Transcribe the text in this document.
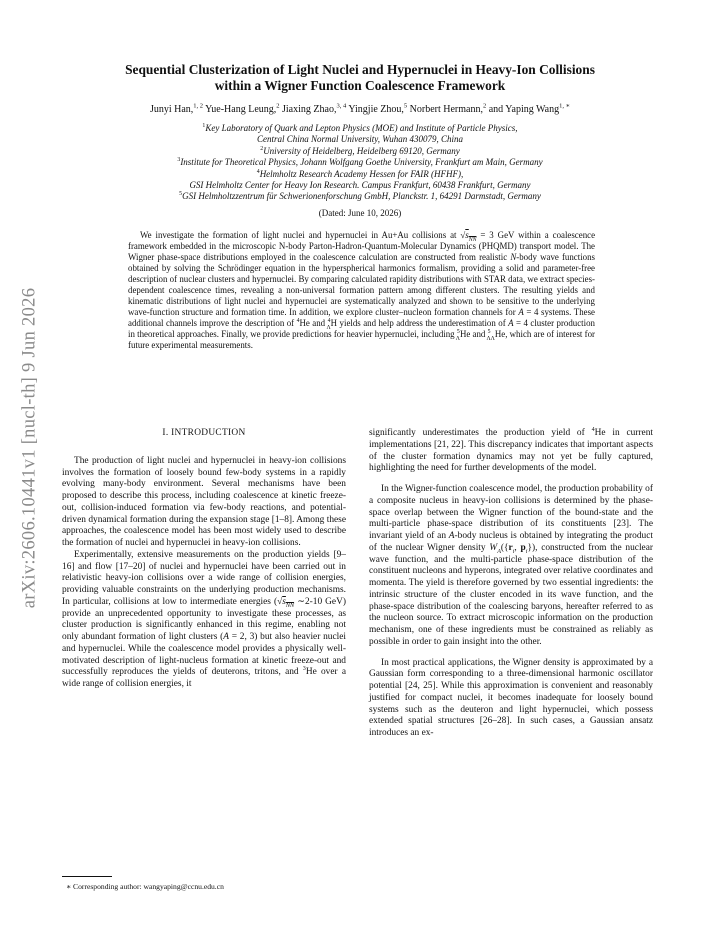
arXiv:2606.10441v1 [nucl-th] 9 Jun 2026
Sequential Clusterization of Light Nuclei and Hypernuclei in Heavy-Ion Collisions
within a Wigner Function Coalescence Framework
Junyi Han,$^{1, 2}$ Yue-Hang Leung,$^2$ Jiaxing Zhao,$^{3, 4}$ Yingjie Zhou,$^5$ Norbert Hermann,$^2$ and Yaping Wang$^{1, ∗}$
$^1$Key Laboratory of Quark and Lepton Physics (MOE) and Institute of Particle Physics,
Central China Normal University, Wuhan 430079, China
$^2$University of Heidelberg, Heidelberg 69120, Germany
$^3$Institute for Theoretical Physics, Johann Wolfgang Goethe University, Frankfurt am Main, Germany
$^4$Helmholtz Research Academy Hessen for FAIR (HFHF),
GSI Helmholtz Center for Heavy Ion Research. Campus Frankfurt, 60438 Frankfurt, Germany
$^5$GSI Helmholtzzentrum für Schwerionenforschung GmbH, Planckstr. 1, 64291 Darmstadt, Germany
(Dated: June 10, 2026)
We investigate the formation of light nuclei and hypernuclei in Au+Au collisions at $√s_{NN} = 3$ GeV within a coalescence framework embedded in the microscopic N-body Parton-Hadron-Quantum-Molecular Dynamics (PHQMD) transport model. The Wigner phase-space distributions employed in the coalescence calculation are constructed from realistic N-body wave functions obtained by solving the Schrödinger equation in the hyperspherical harmonics formalism, providing a solid and parameter-free description of nuclear clusters and hypernuclei. By comparing calculated rapidity distributions with STAR data, we extract species-dependent coalescence times, revealing a non-universal formation pattern among different clusters. The resulting yields and kinematic distributions of light nuclei and hypernuclei are systematically analyzed and shown to be sensitive to the underlying wave-function structure and formation time. In addition, we explore cluster–nucleon formation channels for A = 4 systems. These additional channels improve the description of $^4$He and $^4_\Lambda$H yields and help address the underestimation of A = 4 cluster production in theoretical approaches. Finally, we provide predictions for heavier hypernuclei, including $^5_\Lambda$He and $^5_{\Lambda\Lambda}$He, which are of interest for future experimental measurements.
I. INTRODUCTION

The production of light nuclei and hypernuclei in heavy-ion collisions involves the formation of loosely bound few-body systems in a rapidly evolving many-body environment. Several mechanisms have been proposed to describe this process, including coalescence at kinetic freeze-out, collision-induced formation via few-body reactions, and potential-driven dynamical formation during the expansion stage [1–8]. Among these approaches, the coalescence model has been most widely used to describe the formation of nuclei and hypernuclei in heavy-ion collisions.

Experimentally, extensive measurements on the production yields [9–16] and flow [17–20] of nuclei and hypernuclei have been carried out in relativistic heavy-ion collisions over a wide range of collision energies, providing valuable constraints on the underlying production mechanisms. In particular, collisions at low to intermediate energies ($√s_{NN}$ ∼2-10 GeV) provide an unprecedented opportunity to investigate these processes, as cluster production is significantly enhanced in this regime, enabling not only abundant formation of light clusters (A = 2, 3) but also heavier nuclei and hypernuclei. While the coalescence model provides a physically well-motivated description of light-nucleus formation at kinetic freeze-out and successfully reproduces the yields of deuterons, tritons, and $^3$He over a wide range of collision energies, it

significantly underestimates the production yield of $^4$He in current implementations [21, 22]. This discrepancy indicates that important aspects of the cluster formation dynamics may not yet be fully captured, highlighting the need for further developments of the model.

In the Wigner-function coalescence model, the production probability of a composite nucleus in heavy-ion collisions is determined by the phase-space overlap between the Wigner function of the bound-state and the multi-particle phase-space distribution of its constituents [23]. The invariant yield of an A-body nucleus is obtained by integrating the product of the nuclear Wigner density $W_A(\{r_i$, $p_i$}), constructed from the nuclear wave function, and the multi-particle phase-space distribution of the constituent nucleons and hyperons, integrated over relative coordinates and momenta. The yield is therefore governed by two essential ingredients: the intrinsic structure of the cluster encoded in its wave function, and the phase-space distribution of the coalescing baryons, hereafter referred to as the nucleon source. To extract microscopic information on the production mechanism, one of these ingredients must be constrained as reliably as possible in order to gain insight into the other.

In most practical applications, the Wigner density is approximated by a Gaussian form corresponding to a three-dimensional harmonic oscillator potential [24, 25]. While this approximation is convenient and reasonably justified for compact nuclei, it becomes inadequate for loosely bound systems such as the deuteron and light hypernuclei, which possess extended spatial structures [26–28]. In such cases, a Gaussian ansatz introduces an ex-

∗ Corresponding author: wangyaping@ccnu.edu.cn
